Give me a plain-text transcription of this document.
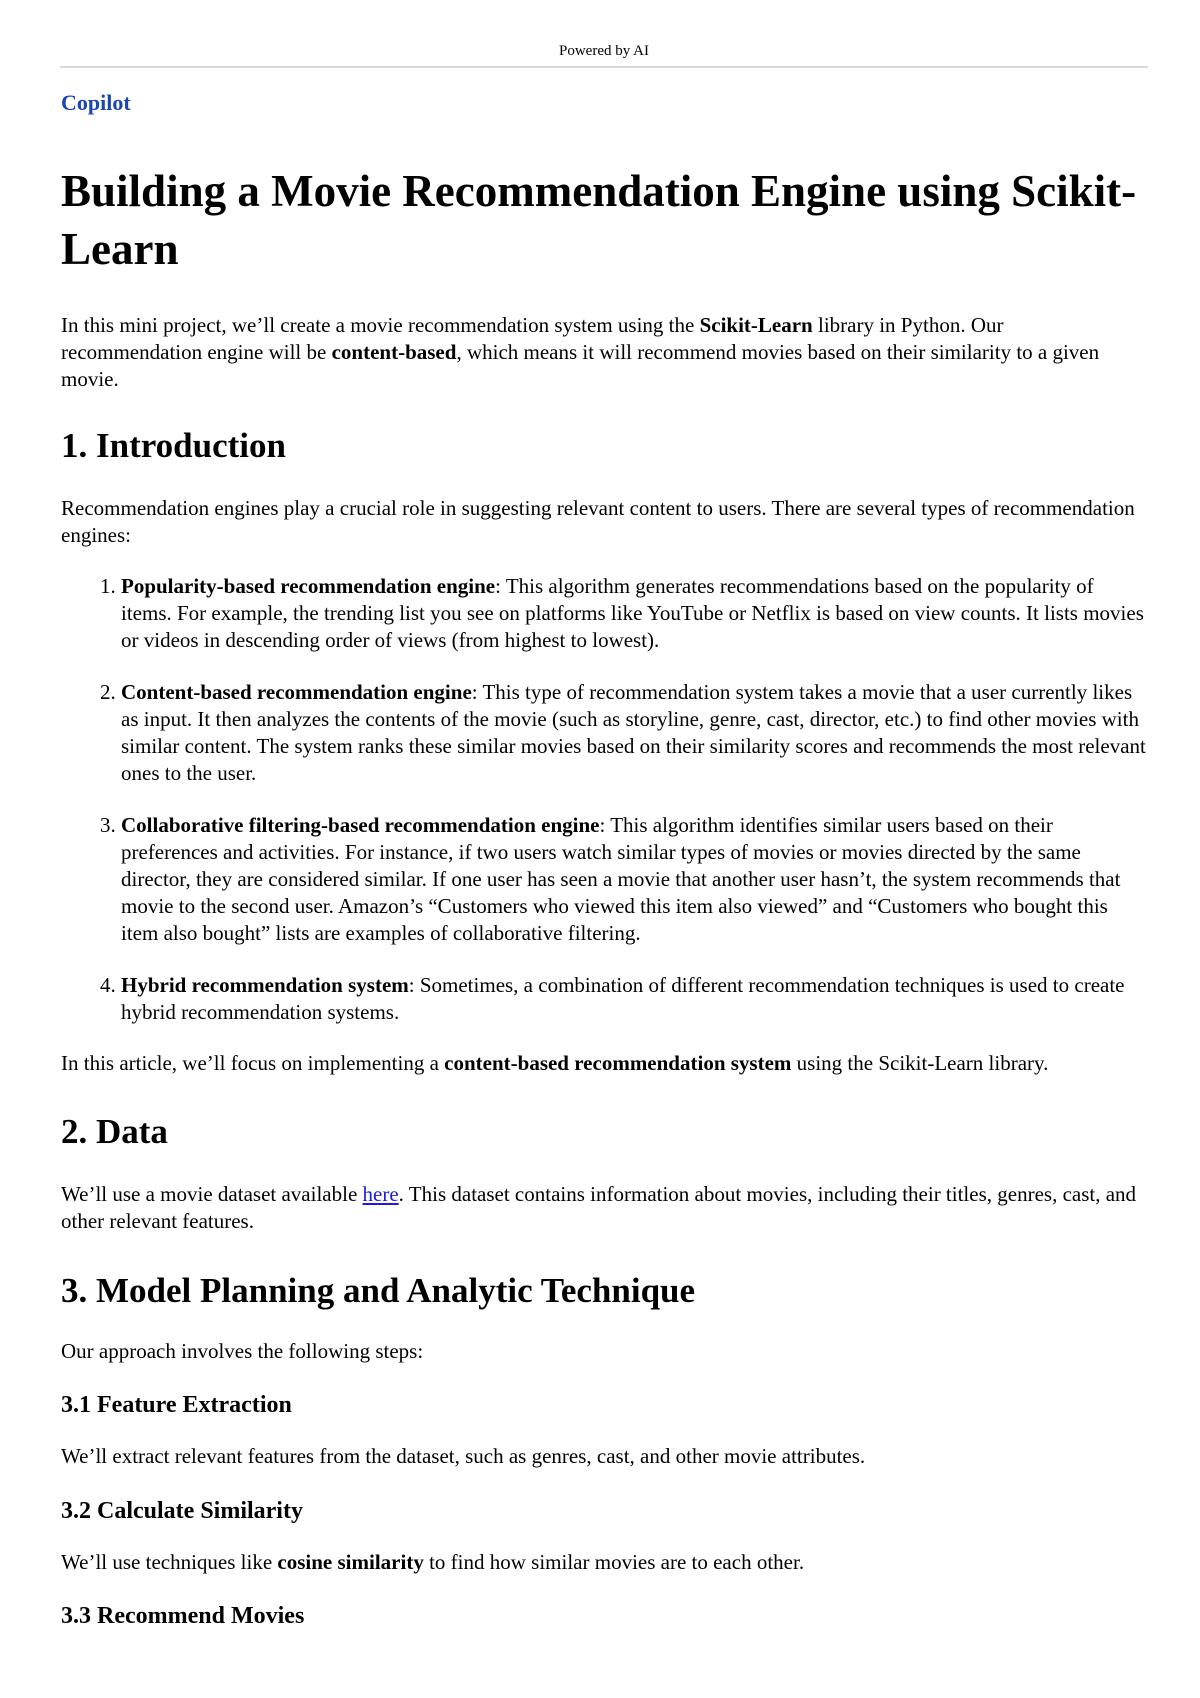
Powered by AI
Copilot
Building a Movie Recommendation Engine using Scikit-Learn

In this mini project, we’ll create a movie recommendation system using the Scikit-Learn library in Python. Our recommendation engine will be content-based, which means it will recommend movies based on their similarity to a given movie.

1. Introduction

Recommendation engines play a crucial role in suggesting relevant content to users. There are several types of recommendation engines:

1. Popularity-based recommendation engine: This algorithm generates recommendations based on the popularity of items. For example, the trending list you see on platforms like YouTube or Netflix is based on view counts. It lists movies or videos in descending order of views (from highest to lowest).
2. Content-based recommendation engine: This type of recommendation system takes a movie that a user currently likes as input. It then analyzes the contents of the movie (such as storyline, genre, cast, director, etc.) to find other movies with similar content. The system ranks these similar movies based on their similarity scores and recommends the most relevant ones to the user.
3. Collaborative filtering-based recommendation engine: This algorithm identifies similar users based on their preferences and activities. For instance, if two users watch similar types of movies or movies directed by the same director, they are considered similar. If one user has seen a movie that another user hasn’t, the system recommends that movie to the second user. Amazon’s “Customers who viewed this item also viewed” and “Customers who bought this item also bought” lists are examples of collaborative filtering.
4. Hybrid recommendation system: Sometimes, a combination of different recommendation techniques is used to create hybrid recommendation systems.

In this article, we’ll focus on implementing a content-based recommendation system using the Scikit-Learn library.

2. Data

We’ll use a movie dataset available here. This dataset contains information about movies, including their titles, genres, cast, and other relevant features.

3. Model Planning and Analytic Technique

Our approach involves the following steps:

3.1 Feature Extraction

We’ll extract relevant features from the dataset, such as genres, cast, and other movie attributes.

3.2 Calculate Similarity

We’ll use techniques like cosine similarity to find how similar movies are to each other.

3.3 Recommend Movies
